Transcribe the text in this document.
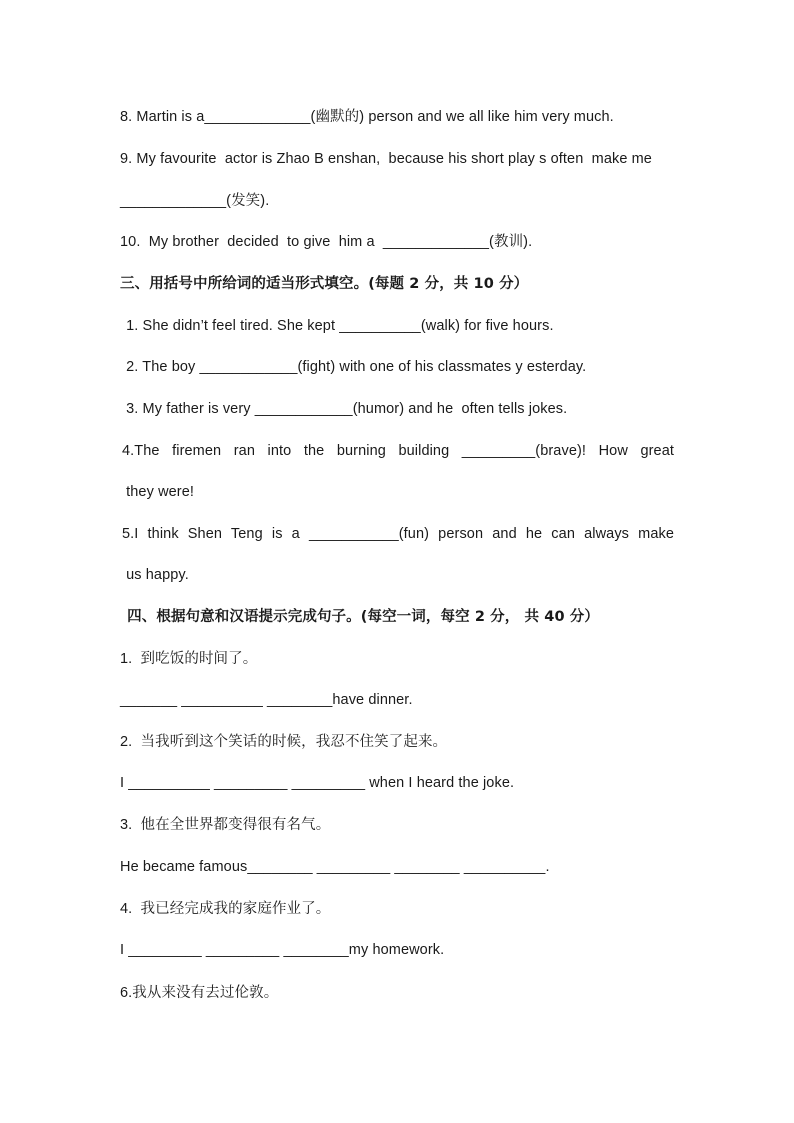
8. Martin is a_____________(幽默的) person and we all like him very much.
9. My favourite  actor is Zhao B enshan,  because his short play s often  make me
_____________(发笑).
10.  My brother  decided  to give  him a  _____________(教训).
三、用括号中所给词的适当形式填空。(每题 2 分，共 10 分）
1. She didn’t feel tired. She kept __________(walk) for five hours.
2. The boy ____________(fight) with one of his classmates y esterday.
3. My father is very ____________(humor) and he  often tells jokes.
4.The firemen ran into the burning building _________(brave)! How great
they were!
5.I think Shen Teng is a ___________(fun) person and he can always make
us happy.
四、根据句意和汉语提示完成句子。(每空一词，每空 2 分， 共 40 分）
1.  到吃饭的时间了。
_______ __________ ________have dinner.
2.  当我听到这个笑话的时候，我忍不住笑了起来。
I __________ _________ _________ when I heard the joke.
3.  他在全世界都变得很有名气。
He became famous________ _________ ________ __________.
4.  我已经完成我的家庭作业了。
I _________ _________ ________my homework.
6.我从来没有去过伦敦。
